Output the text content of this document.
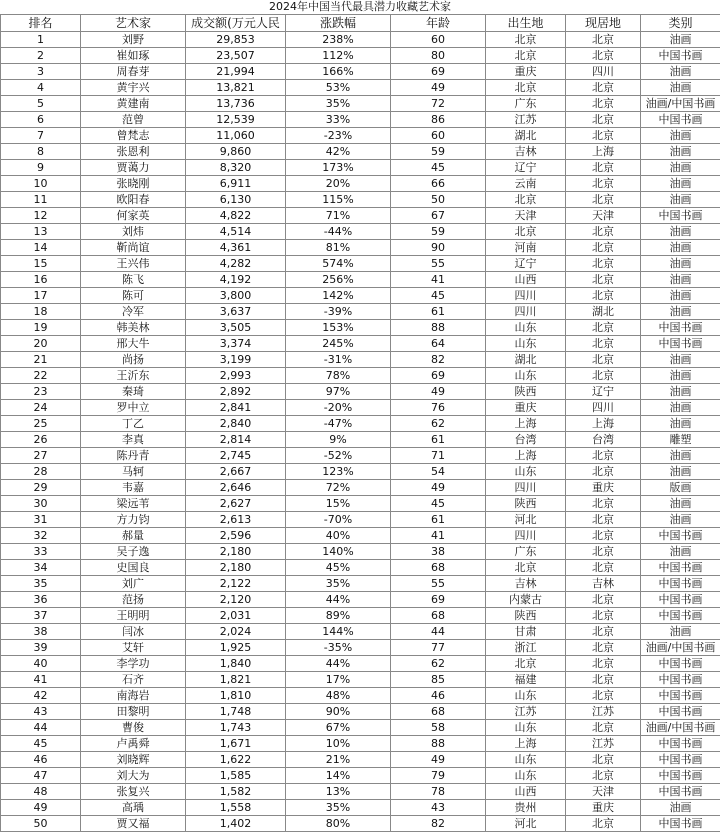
2024年中国当代最具潜力收藏艺术家
排名	艺术家	成交额(万元人民	涨跌幅	年龄	出生地	现居地	类别
1	刘野	29,853	238%	60	北京	北京	油画
2	崔如琢	23,507	112%	80	北京	北京	中国书画
3	周春芽	21,994	166%	69	重庆	四川	油画
4	黄宇兴	13,821	53%	49	北京	北京	油画
5	黄建南	13,736	35%	72	广东	北京	油画/中国书画
6	范曾	12,539	33%	86	江苏	北京	中国书画
7	曾梵志	11,060	-23%	60	湖北	北京	油画
8	张恩利	9,860	42%	59	吉林	上海	油画
9	贾蔼力	8,320	173%	45	辽宁	北京	油画
10	张晓刚	6,911	20%	66	云南	北京	油画
11	欧阳春	6,130	115%	50	北京	北京	油画
12	何家英	4,822	71%	67	天津	天津	中国书画
13	刘炜	4,514	-44%	59	北京	北京	油画
14	靳尚谊	4,361	81%	90	河南	北京	油画
15	王兴伟	4,282	574%	55	辽宁	北京	油画
16	陈飞	4,192	256%	41	山西	北京	油画
17	陈可	3,800	142%	45	四川	北京	油画
18	冷军	3,637	-39%	61	四川	湖北	油画
19	韩美林	3,505	153%	88	山东	北京	中国书画
20	邢大牛	3,374	245%	64	山东	北京	中国书画
21	尚扬	3,199	-31%	82	湖北	北京	油画
22	王沂东	2,993	78%	69	山东	北京	油画
23	秦琦	2,892	97%	49	陕西	辽宁	油画
24	罗中立	2,841	-20%	76	重庆	四川	油画
25	丁乙	2,840	-47%	62	上海	上海	油画
26	李真	2,814	9%	61	台湾	台湾	雕塑
27	陈丹青	2,745	-52%	71	上海	北京	油画
28	马轲	2,667	123%	54	山东	北京	油画
29	韦嘉	2,646	72%	49	四川	重庆	版画
30	梁远苇	2,627	15%	45	陕西	北京	油画
31	方力钧	2,613	-70%	61	河北	北京	油画
32	郝量	2,596	40%	41	四川	北京	中国书画
33	吴子逸	2,180	140%	38	广东	北京	油画
34	史国良	2,180	45%	68	北京	北京	中国书画
35	刘广	2,122	35%	55	吉林	吉林	中国书画
36	范扬	2,120	44%	69	内蒙古	北京	中国书画
37	王明明	2,031	89%	68	陕西	北京	中国书画
38	闫冰	2,024	144%	44	甘肃	北京	油画
39	艾轩	1,925	-35%	77	浙江	北京	油画/中国书画
40	李学功	1,840	44%	62	北京	北京	中国书画
41	石齐	1,821	17%	85	福建	北京	中国书画
42	南海岩	1,810	48%	46	山东	北京	中国书画
43	田黎明	1,748	90%	68	江苏	江苏	中国书画
44	曹俊	1,743	67%	58	山东	北京	油画/中国书画
45	卢禹舜	1,671	10%	88	上海	江苏	中国书画
46	刘晓辉	1,622	21%	49	山东	北京	中国书画
47	刘大为	1,585	14%	79	山东	北京	中国书画
48	张复兴	1,582	13%	78	山西	天津	中国书画
49	高瑀	1,558	35%	43	贵州	重庆	油画
50	贾又福	1,402	80%	82	河北	北京	中国书画
